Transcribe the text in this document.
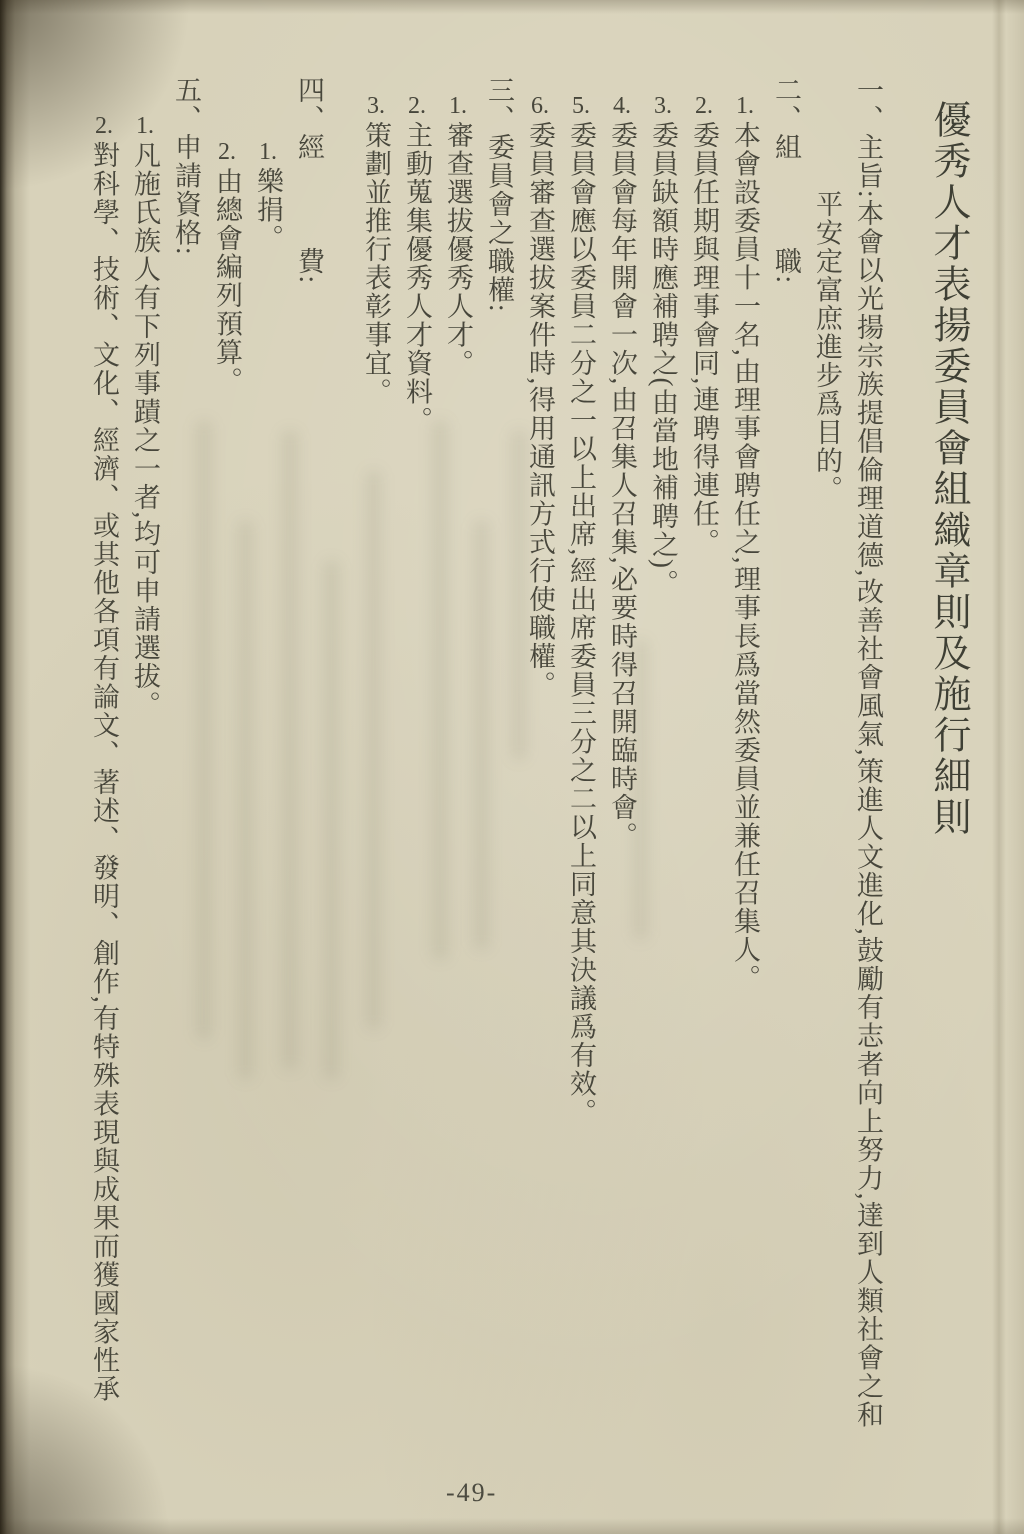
優秀人才表揚委員會組織章則及施行細則

一、主旨:本會以光揚宗族提倡倫理道德,改善社會風氣,策進人文進化,鼓勵有志者向上努力,達到人類社會之和平安定富庶進步爲目的。

二、組　　　職:

1.本會設委員十一名,由理事會聘任之,理事長爲當然委員並兼任召集人。

2.委員任期與理事會同,連聘得連任。

3.委員缺額時應補聘之(由當地補聘之)。

4.委員會每年開會一次,由召集人召集,必要時得召開臨時會。

5.委員會應以委員二分之一以上出席,經出席委員三分之二以上同意其決議爲有效。

6.委員審查選拔案件時,得用通訊方式行使職權。

三、委員會之職權:

1.審查選拔優秀人才。

2.主動蒐集優秀人才資料。

3.策劃並推行表彰事宜。

四、經　　　費:

1.樂捐。

2.由總會編列預算。

五、申請資格:

1.凡施氏族人有下列事蹟之一者,均可申請選拔。

2.對科學、技術、文化、經濟、或其他各項有論文、著述、發明、創作,有特殊表現與成果而獲國家性承

-49-
